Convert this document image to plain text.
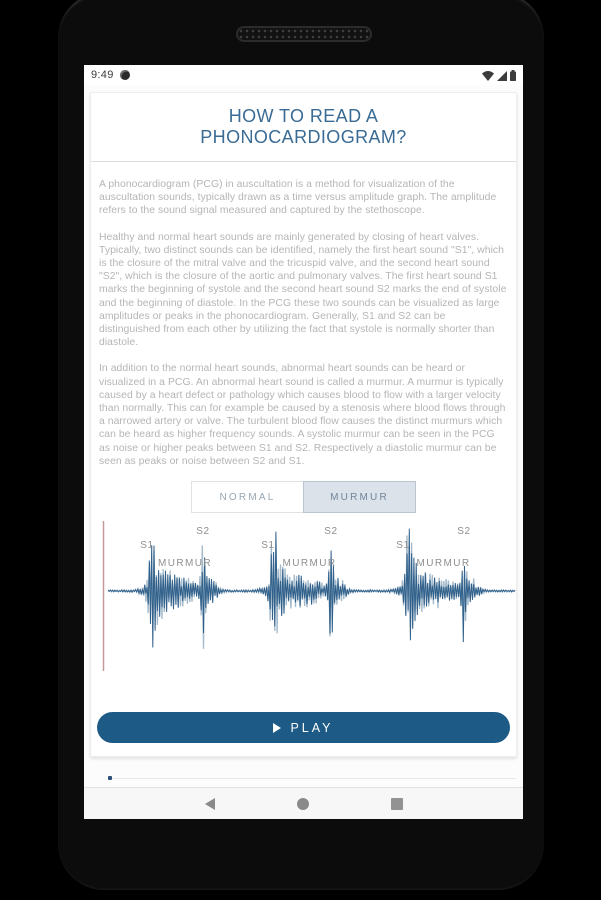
9:49
HOW TO READ A PHONOCARDIOGRAM?

A phonocardiogram (PCG) in auscultation is a method for visualization of the auscultation sounds, typically drawn as a time versus amplitude graph. The amplitude refers to the sound signal measured and captured by the stethoscope.

Healthy and normal heart sounds are mainly generated by closing of heart valves. Typically, two distinct sounds can be identified, namely the first heart sound "S1", which is the closure of the mitral valve and the tricuspid valve, and the second heart sound "S2", which is the closure of the aortic and pulmonary valves. The first heart sound S1 marks the beginning of systole and the second heart sound S2 marks the end of systole and the beginning of diastole. In the PCG these two sounds can be visualized as large amplitudes or peaks in the phonocardiogram. Generally, S1 and S2 can be distinguished from each other by utilizing the fact that systole is normally shorter than diastole.

In addition to the normal heart sounds, abnormal heart sounds can be heard or visualized in a PCG. An abnormal heart sound is called a murmur. A murmur is typically caused by a heart defect or pathology which causes blood to flow with a larger velocity than normally. This can for example be caused by a stenosis where blood flows through a narrowed artery or valve. The turbulent blood flow causes the distinct murmurs which can be heard as higher frequency sounds. A systolic murmur can be seen in the PCG as noise or higher peaks between S1 and S2. Respectively a diastolic murmur can be seen as peaks or noise between S2 and S1.

NORMAL	MURMUR
S1
S2
MURMUR
S1
S2
MURMUR
S1
S2
MURMUR
PLAY
